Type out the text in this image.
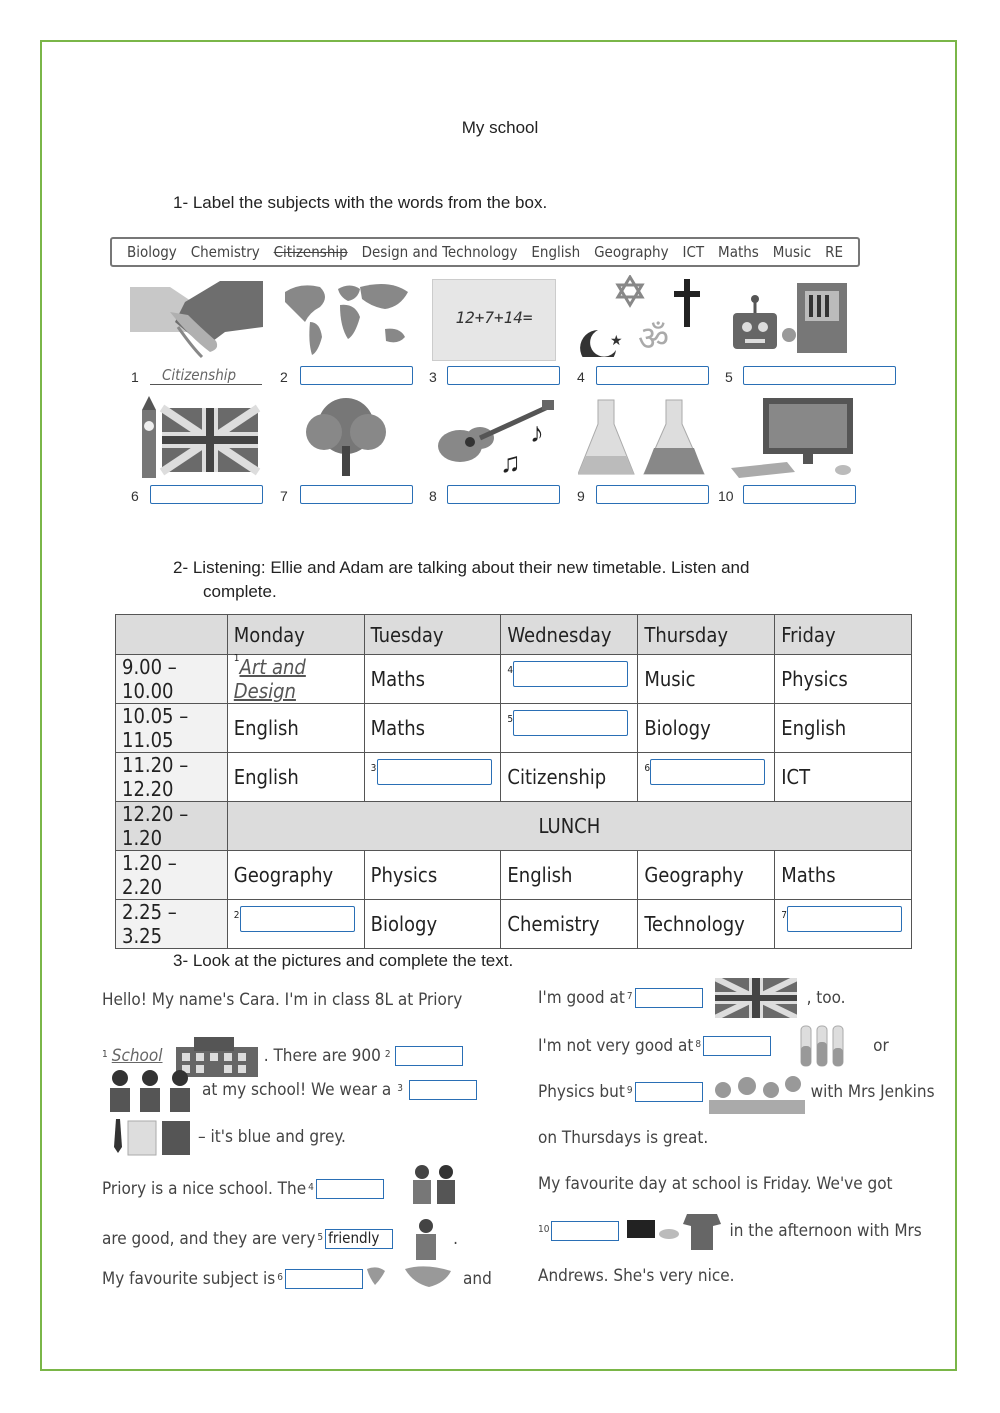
My school
1- Label the subjects with the words from the box.
Biology Chemistry Citizenship Design and Technology English Geography ICT Maths Music RE
12+7+14=
★ ॐ
1	Citizenship	2	3	4	5
♫
♪
6	7	8	9	10
2- Listening: Ellie and Adam are talking about their new timetable. Listen and
complete.
	Monday	Tuesday	Wednesday	Thursday	Friday
9.00 – 10.00	$^1$Art and Design	Maths	$^4$	Music	Physics
10.05 – 11.05	English	Maths	$^5$	Biology	English
11.20 – 12.20	English	$^3$	Citizenship	$^6$	ICT
12.20 – 1.20	LUNCH				
1.20 – 2.20	Geography	Physics	English	Geography	Maths
2.25 – 3.25	$^2$	Biology	Chemistry	Technology	$^7$
3- Look at the pictures and complete the text.
Hello! My name's Cara. I'm in class 8L at Priory
1 School	. There are 900 2
at my school! We wear a 3
– it's blue and grey.
Priory is a nice school. The 4
are good, and they are very 5 friendly	.
My favourite subject is 6	and
I'm good at 7	, too.
I'm not very good at 8	or
Physics but 9	with Mrs Jenkins
on Thursdays is great.
My favourite day at school is Friday. We've got
10	in the afternoon with Mrs
Andrews. She's very nice.
